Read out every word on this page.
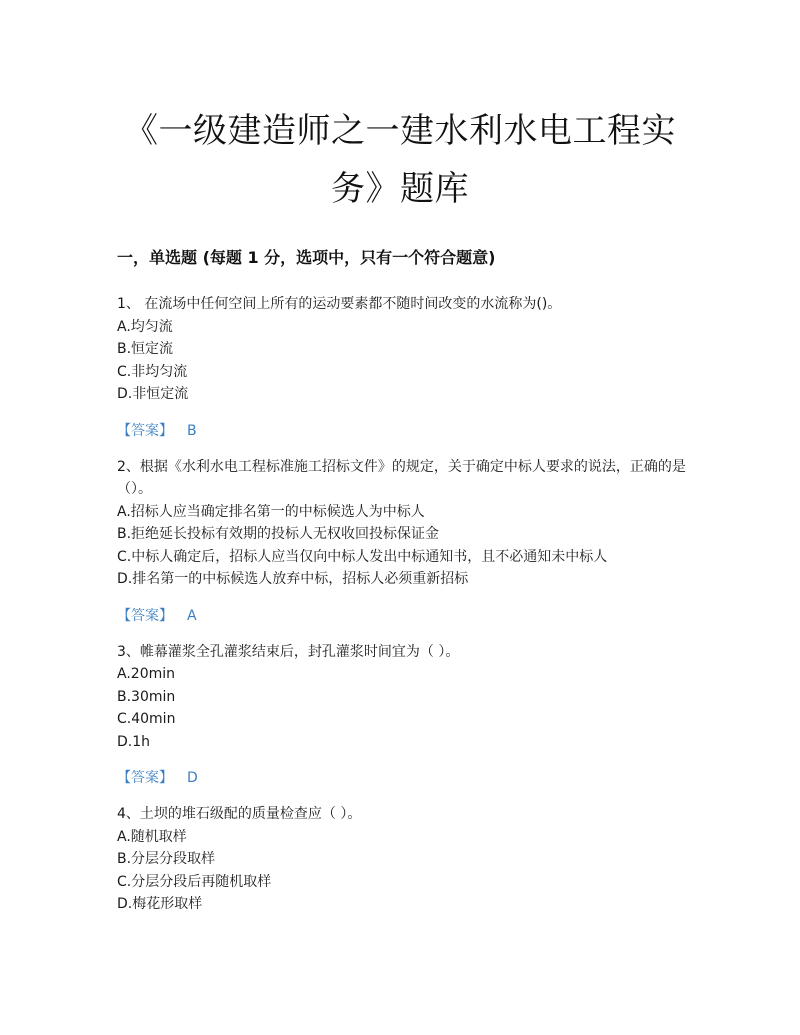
《一级建造师之一建水利水电工程实务》题库
一，单选题 (每题 1 分，选项中，只有一个符合题意)

1、 在流场中任何空间上所有的运动要素都不随时间改变的水流称为()。

A.均匀流

B.恒定流

C.非均匀流

D.非恒定流

【答案】 B

2、根据《水利水电工程标准施工招标文件》的规定，关于确定中标人要求的说法，正确的是（）。

A.招标人应当确定排名第一的中标候选人为中标人

B.拒绝延长投标有效期的投标人无权收回投标保证金

C.中标人确定后，招标人应当仅向中标人发出中标通知书，且不必通知未中标人

D.排名第一的中标候选人放弃中标，招标人必须重新招标

【答案】 A

3、帷幕灌浆全孔灌浆结束后，封孔灌浆时间宜为（ ）。

A.20min

B.30min

C.40min

D.1h

【答案】 D

4、土坝的堆石级配的质量检查应（ ）。

A.随机取样

B.分层分段取样

C.分层分段后再随机取样

D.梅花形取样
